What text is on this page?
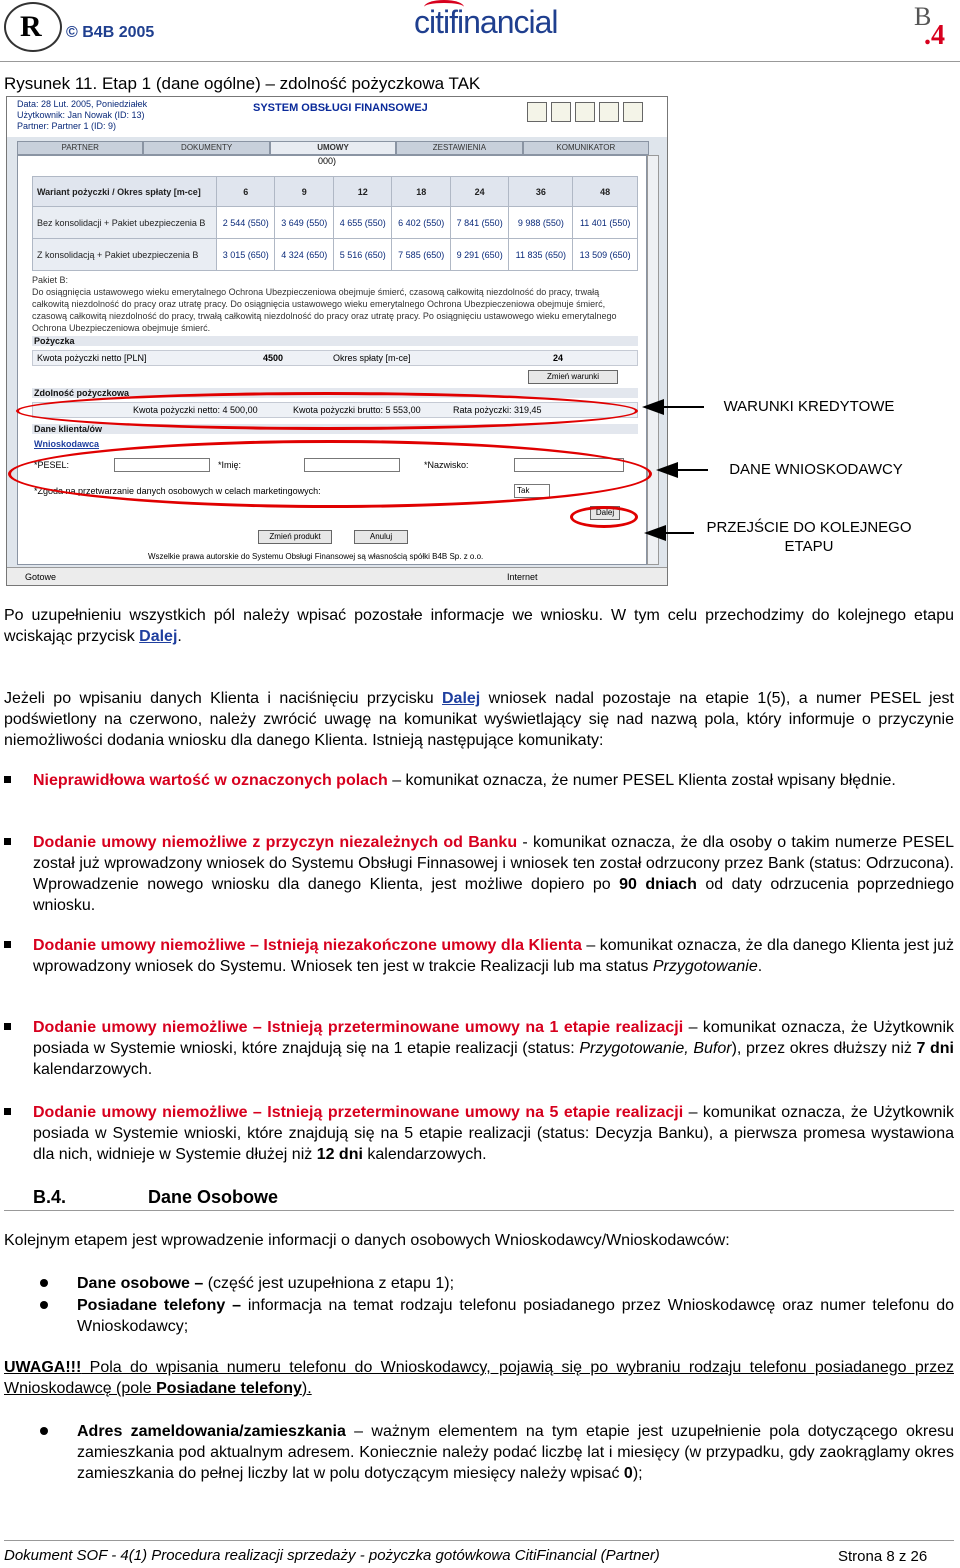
R © B4B 2005	citifinancial	B
.4
Rysunek 11. Etap 1 (dane ogólne) – zdolność pożyczkowa TAK
Data: 28 Lut. 2005, Poniedziałek
Użytkownik: Jan Nowak (ID: 13)
Partner: Partner 1 (ID: 9)
SYSTEM OBSŁUGI FINANSOWEJ
PARTNER	DOKUMENTY	UMOWY	ZESTAWIENIA	KOMUNIKATOR
000)
Wariant pożyczki / Okres spłaty [m-ce]	6	9	12	18	24	36	48
Bez konsolidacji + Pakiet ubezpieczenia B	2 544 (550)	3 649 (550)	4 655 (550)	6 402 (550)	7 841 (550)	9 988 (550)	11 401 (550)
Z konsolidacją + Pakiet ubezpieczenia B	3 015 (650)	4 324 (650)	5 516 (650)	7 585 (650)	9 291 (650)	11 835 (650)	13 509 (650)
Pakiet B:
Do osiągnięcia ustawowego wieku emerytalnego Ochrona Ubezpieczeniowa obejmuje śmierć, czasową całkowitą niezdolność do pracy, trwałą całkowitą niezdolność do pracy oraz utratę pracy. Do osiągnięcia ustawowego wieku emerytalnego Ochrona Ubezpieczeniowa obejmuje śmierć, czasową całkowitą niezdolność do pracy, trwałą całkowitą niezdolność do pracy oraz utratę pracy. Po osiągnięciu ustawowego wieku emerytalnego Ochrona Ubezpieczeniowa obejmuje śmierć.
Pożyczka
Kwota pożyczki netto [PLN]	4500	Okres spłaty [m-ce]	24
Zmień warunki
Zdolność pożyczkowa
Kwota pożyczki netto: 4 500,00	Kwota pożyczki brutto: 5 553,00	Rata pożyczki: 319,45
Dane klienta/ów
Wnioskodawca
*PESEL:	*Imię:	*Nazwisko:
*Zgoda na przetwarzanie danych osobowych w celach marketingowych:	Tak
Dalej
Zmień produkt	Anuluj
Wszelkie prawa autorskie do Systemu Obsługi Finansowej są własnością spółki B4B Sp. z o.o.
Gotowe	Internet
WARUNKI KREDYTOWE
DANE WNIOSKODAWCY
PRZEJŚCIE DO KOLEJNEGO ETAPU
Po uzupełnieniu wszystkich pól należy wpisać pozostałe informacje we wniosku. W tym celu przechodzimy do kolejnego etapu wciskając przycisk Dalej.
Jeżeli po wpisaniu danych Klienta i naciśnięciu przycisku Dalej wniosek nadal pozostaje na etapie 1(5), a numer PESEL jest podświetlony na czerwono, należy zwrócić uwagę na komunikat wyświetlający się nad nazwą pola, który informuje o przyczynie niemożliwości dodania wniosku dla danego Klienta. Istnieją następujące komunikaty:
Nieprawidłowa wartość w oznaczonych polach – komunikat oznacza, że numer PESEL Klienta został wpisany błędnie.
Dodanie umowy niemożliwe z przyczyn niezależnych od Banku - komunikat oznacza, że dla osoby o takim numerze PESEL został już wprowadzony wniosek do Systemu Obsługi Finnasowej i wniosek ten został odrzucony przez Bank (status: Odrzucona). Wprowadzenie nowego wniosku dla danego Klienta, jest możliwe dopiero po 90 dniach od daty odrzucenia poprzedniego wniosku.
Dodanie umowy niemożliwe – Istnieją niezakończone umowy dla Klienta – komunikat oznacza, że dla danego Klienta jest już wprowadzony wniosek do Systemu. Wniosek ten jest w trakcie Realizacji lub ma status Przygotowanie.
Dodanie umowy niemożliwe – Istnieją przeterminowane umowy na 1 etapie realizacji – komunikat oznacza, że Użytkownik posiada w Systemie wnioski, które znajdują się na 1 etapie realizacji (status: Przygotowanie, Bufor), przez okres dłuższy niż 7 dni kalendarzowych.
Dodanie umowy niemożliwe – Istnieją przeterminowane umowy na 5 etapie realizacji – komunikat oznacza, że Użytkownik posiada w Systemie wnioski, które znajdują się na 5 etapie realizacji (status: Decyzja Banku), a pierwsza promesa wystawiona dla nich, widnieje w Systemie dłużej niż 12 dni kalendarzowych.
B.4.	Dane Osobowe
Kolejnym etapem jest wprowadzenie informacji o danych osobowych Wnioskodawcy/Wnioskodawców:
Dane osobowe – (część jest uzupełniona z etapu 1);
Posiadane telefony – informacja na temat rodzaju telefonu posiadanego przez Wnioskodawcę oraz numer telefonu do Wnioskodawcy;
UWAGA!!! Pola do wpisania numeru telefonu do Wnioskodawcy, pojawią się po wybraniu rodzaju telefonu posiadanego przez Wnioskodawcę (pole Posiadane telefony).
Adres zameldowania/zamieszkania – ważnym elementem na tym etapie jest uzupełnienie pola dotyczącego okresu zamieszkania pod aktualnym adresem. Koniecznie należy podać liczbę lat i miesięcy (w przypadku, gdy zaokrąglamy okres zamieszkania do pełnej liczby lat w polu dotyczącym miesięcy należy wpisać 0);
Dokument SOF - 4(1) Procedura realizacji sprzedaży - pożyczka gotówkowa CitiFinancial (Partner)	Strona 8 z 26
